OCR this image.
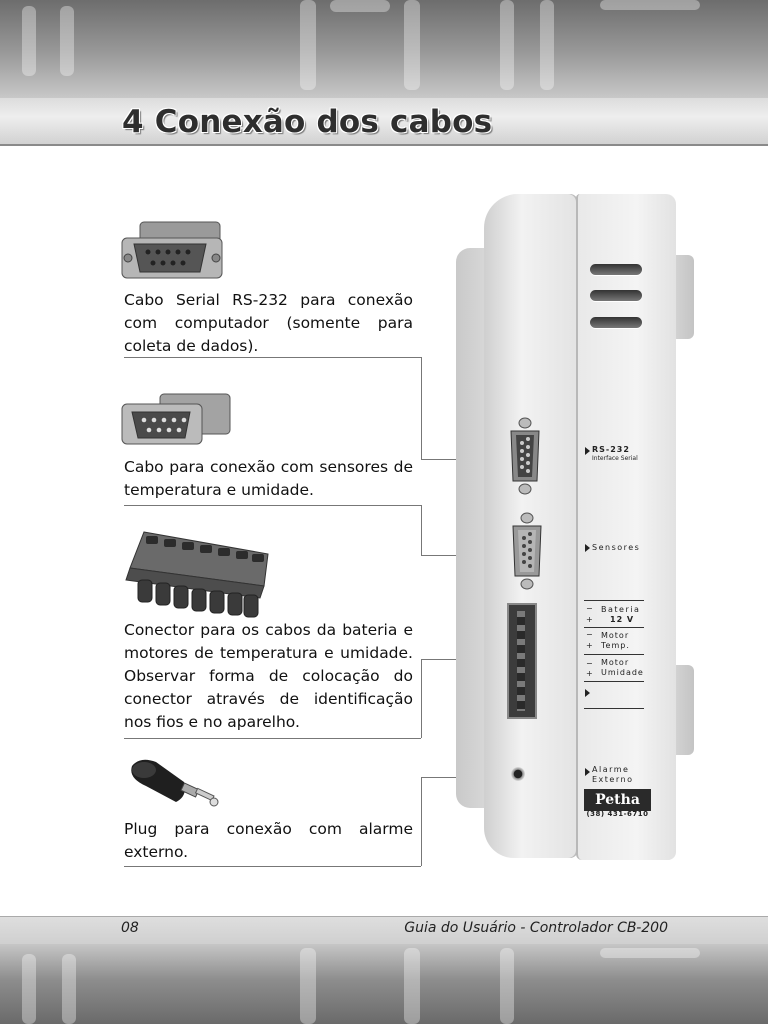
4 Conexão dos cabos
Cabo Serial RS-232 para conexão com computador (somente para coleta de dados).
Cabo para conexão com sensores de temperatura e umidade.
Conector para os cabos da bateria e motores de temperatura e umidade. Observar forma de colocação do conector através de identificação nos fios e no aparelho.
Plug para conexão com alarme externo.
RS-232
Interface Serial
Sensores
− Bateria
+ 12 V
− Motor
+ Temp.
− Motor
+ Umidade
Alarme
Externo
Petha
(38) 431-6710
08	Guia do Usuário - Controlador CB-200
